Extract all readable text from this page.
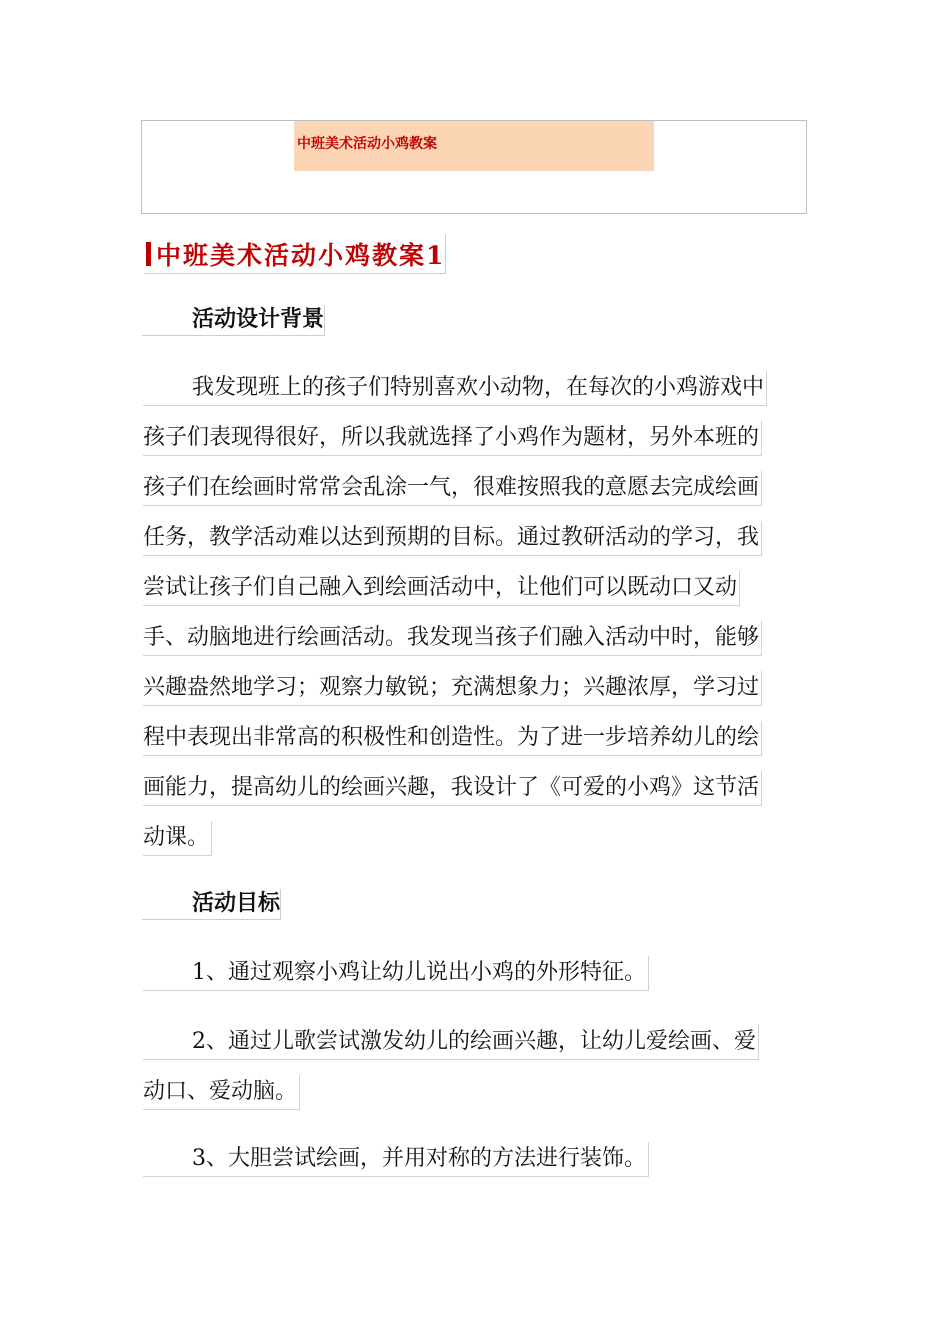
中班美术活动小鸡教案
中班美术活动小鸡教案1
活动设计背景
我发现班上的孩子们特别喜欢小动物，在每次的小鸡游戏中
孩子们表现得很好，所以我就选择了小鸡作为题材，另外本班的
孩子们在绘画时常常会乱涂一气，很难按照我的意愿去完成绘画
任务，教学活动难以达到预期的目标。通过教研活动的学习，我
尝试让孩子们自己融入到绘画活动中，让他们可以既动口又动
手、动脑地进行绘画活动。我发现当孩子们融入活动中时，能够
兴趣盎然地学习；观察力敏锐；充满想象力；兴趣浓厚，学习过
程中表现出非常高的积极性和创造性。为了进一步培养幼儿的绘
画能力，提高幼儿的绘画兴趣，我设计了《可爱的小鸡》这节活
动课。
活动目标
1、通过观察小鸡让幼儿说出小鸡的外形特征。
2、通过儿歌尝试激发幼儿的绘画兴趣，让幼儿爱绘画、爱
动口、爱动脑。
3、大胆尝试绘画，并用对称的方法进行装饰。
